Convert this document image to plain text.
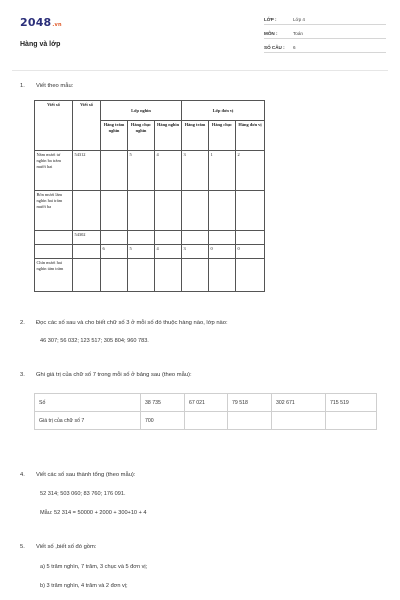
2048.vn
Hàng và lớp
LỚP :	Lớp 4
MÔN :	Toán
SỐ CÂU : 6
1. Viết theo mẫu:
Viết số	Viết số	Lớp nghìn			Lớp đơn vị		
		Hàng trăm nghìn	Hàng chục nghìn	Hàng nghìn	Hàng trăm	Hàng chục	Hàng đơn vị
Năm mươi tư nghìn ba trăm mười hai	54312		5	4	3	1	2
Bốn mươi lăm nghìn hai trăm mười ba							
	54302						
		6	5	4	3	0	0
Chín mươi hai nghìn tám trăm							
2. Đọc các số sau và cho biết chữ số 3 ở mỗi số đó thuộc hàng nào, lớp nào:
46 307; 56 032; 123 517; 305 804; 960 783.
3. Ghi giá trị của chữ số 7 trong mỗi số ở bảng sau (theo mẫu):
Số	38 735	67 021	79 518	302 671	715 519
Giá trị của chữ số 7	700				
4. Viết các số sau thành tổng (theo mẫu):
52 314; 503 060; 83 760; 176 091.
Mẫu: 52 314 = 50000 + 2000 + 300+10 + 4
5. Viết số ,biết số đó gồm:
a) 5 trăm nghìn, 7 trăm, 3 chục và 5 đơn vị;
b) 3 trăm nghìn, 4 trăm và 2 đơn vị;
